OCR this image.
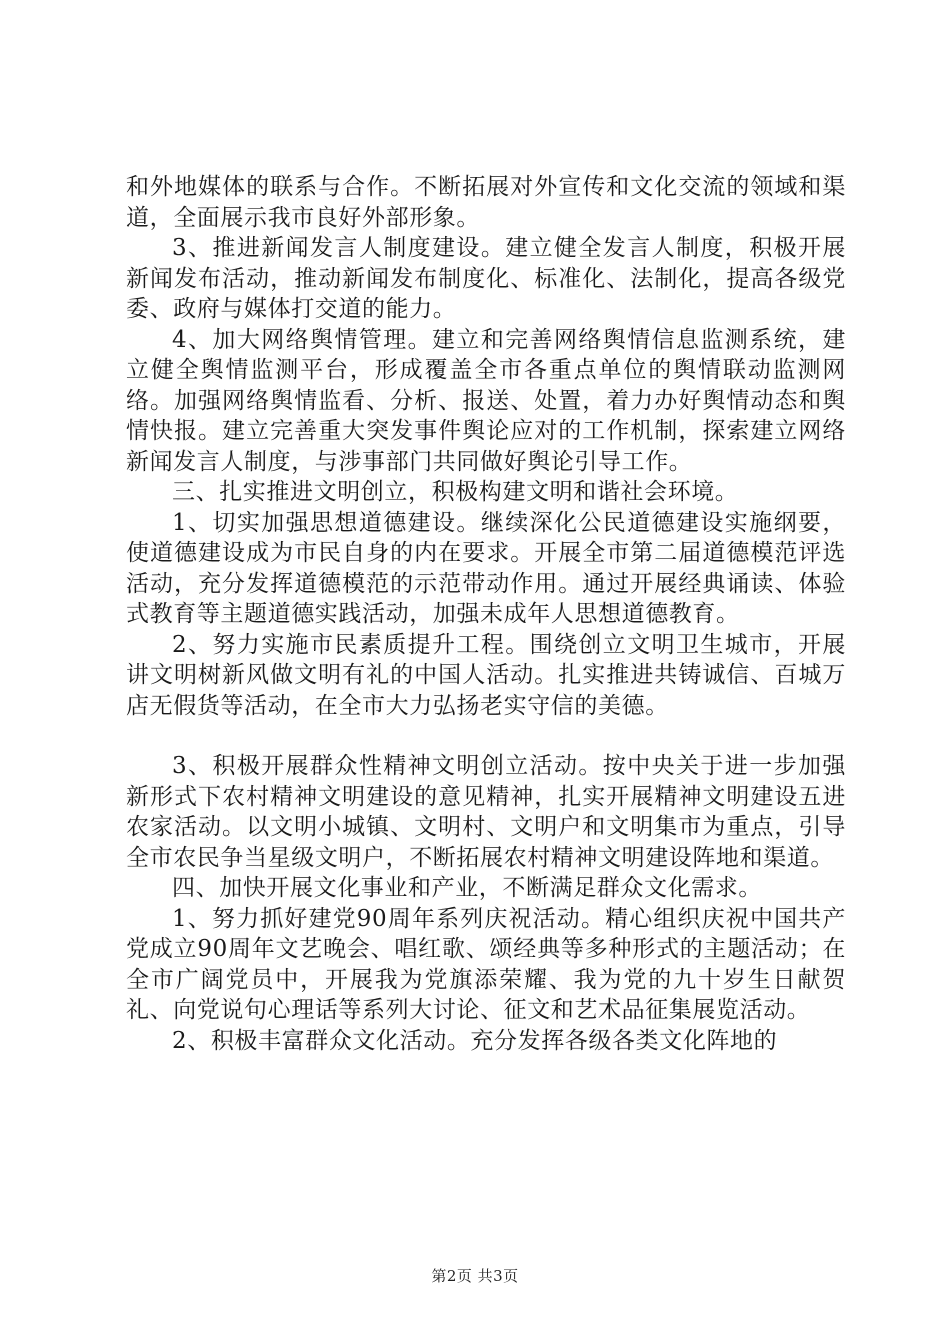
和外地媒体的联系与合作。不断拓展对外宣传和文化交流的领域和渠道，全面展示我市良好外部形象。

3、推进新闻发言人制度建设。建立健全发言人制度，积极开展新闻发布活动，推动新闻发布制度化、标准化、法制化，提高各级党委、政府与媒体打交道的能力。

4、加大网络舆情管理。建立和完善网络舆情信息监测系统，建立健全舆情监测平台，形成覆盖全市各重点单位的舆情联动监测网络。加强网络舆情监看、分析、报送、处置，着力办好舆情动态和舆情快报。建立完善重大突发事件舆论应对的工作机制，探索建立网络新闻发言人制度，与涉事部门共同做好舆论引导工作。

三、扎实推进文明创立，积极构建文明和谐社会环境。

1、切实加强思想道德建设。继续深化公民道德建设实施纲要，使道德建设成为市民自身的内在要求。开展全市第二届道德模范评选活动，充分发挥道德模范的示范带动作用。通过开展经典诵读、体验式教育等主题道德实践活动，加强未成年人思想道德教育。

2、努力实施市民素质提升工程。围绕创立文明卫生城市，开展讲文明树新风做文明有礼的中国人活动。扎实推进共铸诚信、百城万店无假货等活动，在全市大力弘扬老实守信的美德。

3、积极开展群众性精神文明创立活动。按中央关于进一步加强新形式下农村精神文明建设的意见精神，扎实开展精神文明建设五进农家活动。以文明小城镇、文明村、文明户和文明集市为重点，引导全市农民争当星级文明户，不断拓展农村精神文明建设阵地和渠道。

四、加快开展文化事业和产业，不断满足群众文化需求。

1、努力抓好建党90周年系列庆祝活动。精心组织庆祝中国共产党成立90周年文艺晚会、唱红歌、颂经典等多种形式的主题活动；在全市广阔党员中，开展我为党旗添荣耀、我为党的九十岁生日献贺礼、向党说句心理话等系列大讨论、征文和艺术品征集展览活动。

2、积极丰富群众文化活动。充分发挥各级各类文化阵地的

第2页 共3页
